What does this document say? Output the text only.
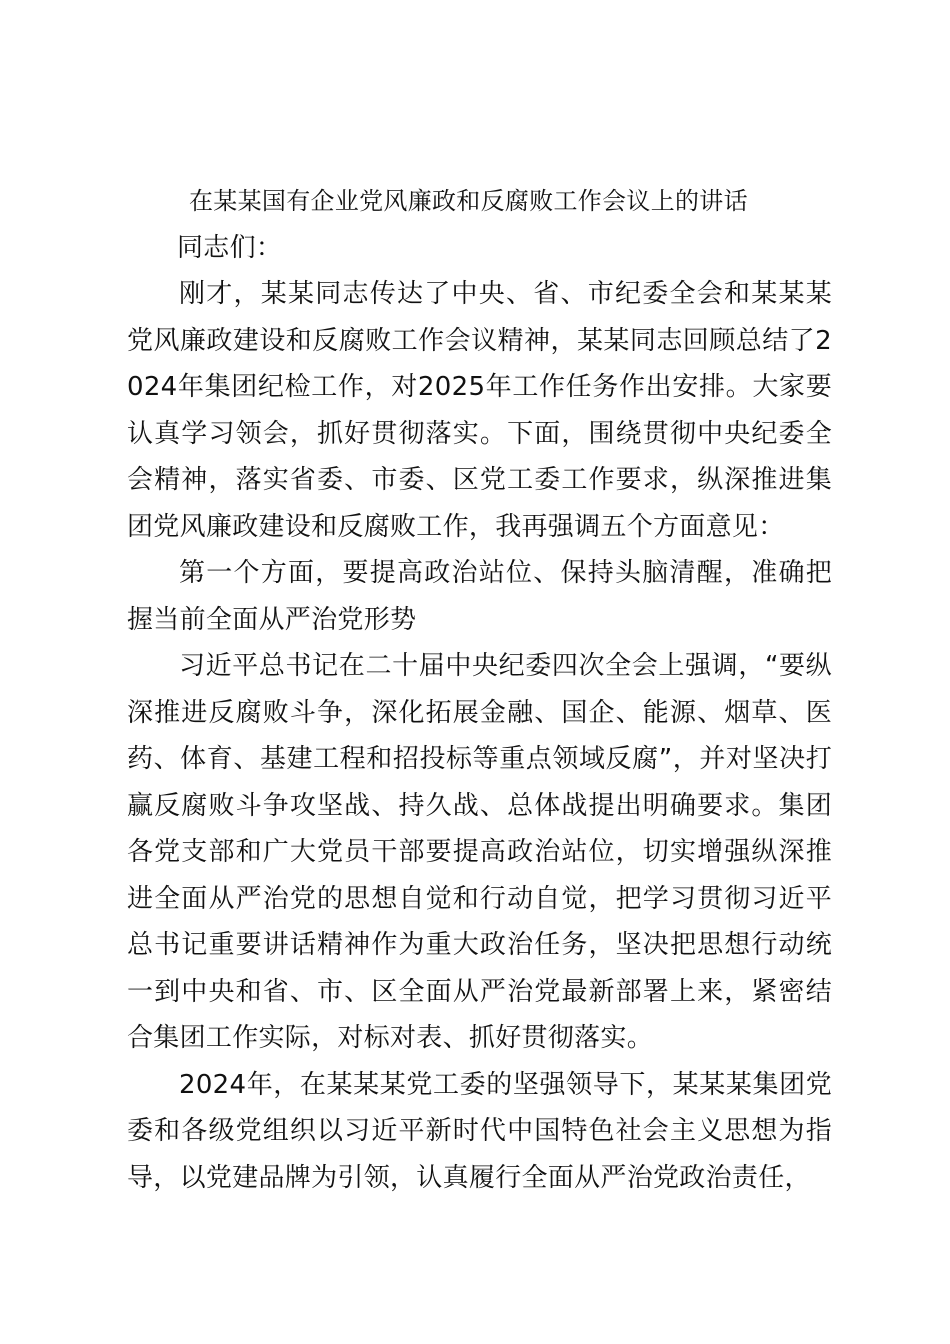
在某某国有企业党风廉政和反腐败工作会议上的讲话

同志们：

刚才，某某同志传达了中央、省、市纪委全会和某某某党风廉政建设和反腐败工作会议精神，某某同志回顾总结了2024年集团纪检工作，对2025年工作任务作出安排。大家要认真学习领会，抓好贯彻落实。下面，围绕贯彻中央纪委全会精神，落实省委、市委、区党工委工作要求，纵深推进集团党风廉政建设和反腐败工作，我再强调五个方面意见：

第一个方面，要提高政治站位、保持头脑清醒，准确把握当前全面从严治党形势

习近平总书记在二十届中央纪委四次全会上强调，“要纵深推进反腐败斗争，深化拓展金融、国企、能源、烟草、医药、体育、基建工程和招投标等重点领域反腐”，并对坚决打赢反腐败斗争攻坚战、持久战、总体战提出明确要求。集团各党支部和广大党员干部要提高政治站位，切实增强纵深推进全面从严治党的思想自觉和行动自觉，把学习贯彻习近平总书记重要讲话精神作为重大政治任务，坚决把思想行动统一到中央和省、市、区全面从严治党最新部署上来，紧密结合集团工作实际，对标对表、抓好贯彻落实。

2024年，在某某某党工委的坚强领导下，某某某集团党委和各级党组织以习近平新时代中国特色社会主义思想为指导，以党建品牌为引领，认真履行全面从严治党政治责任，
